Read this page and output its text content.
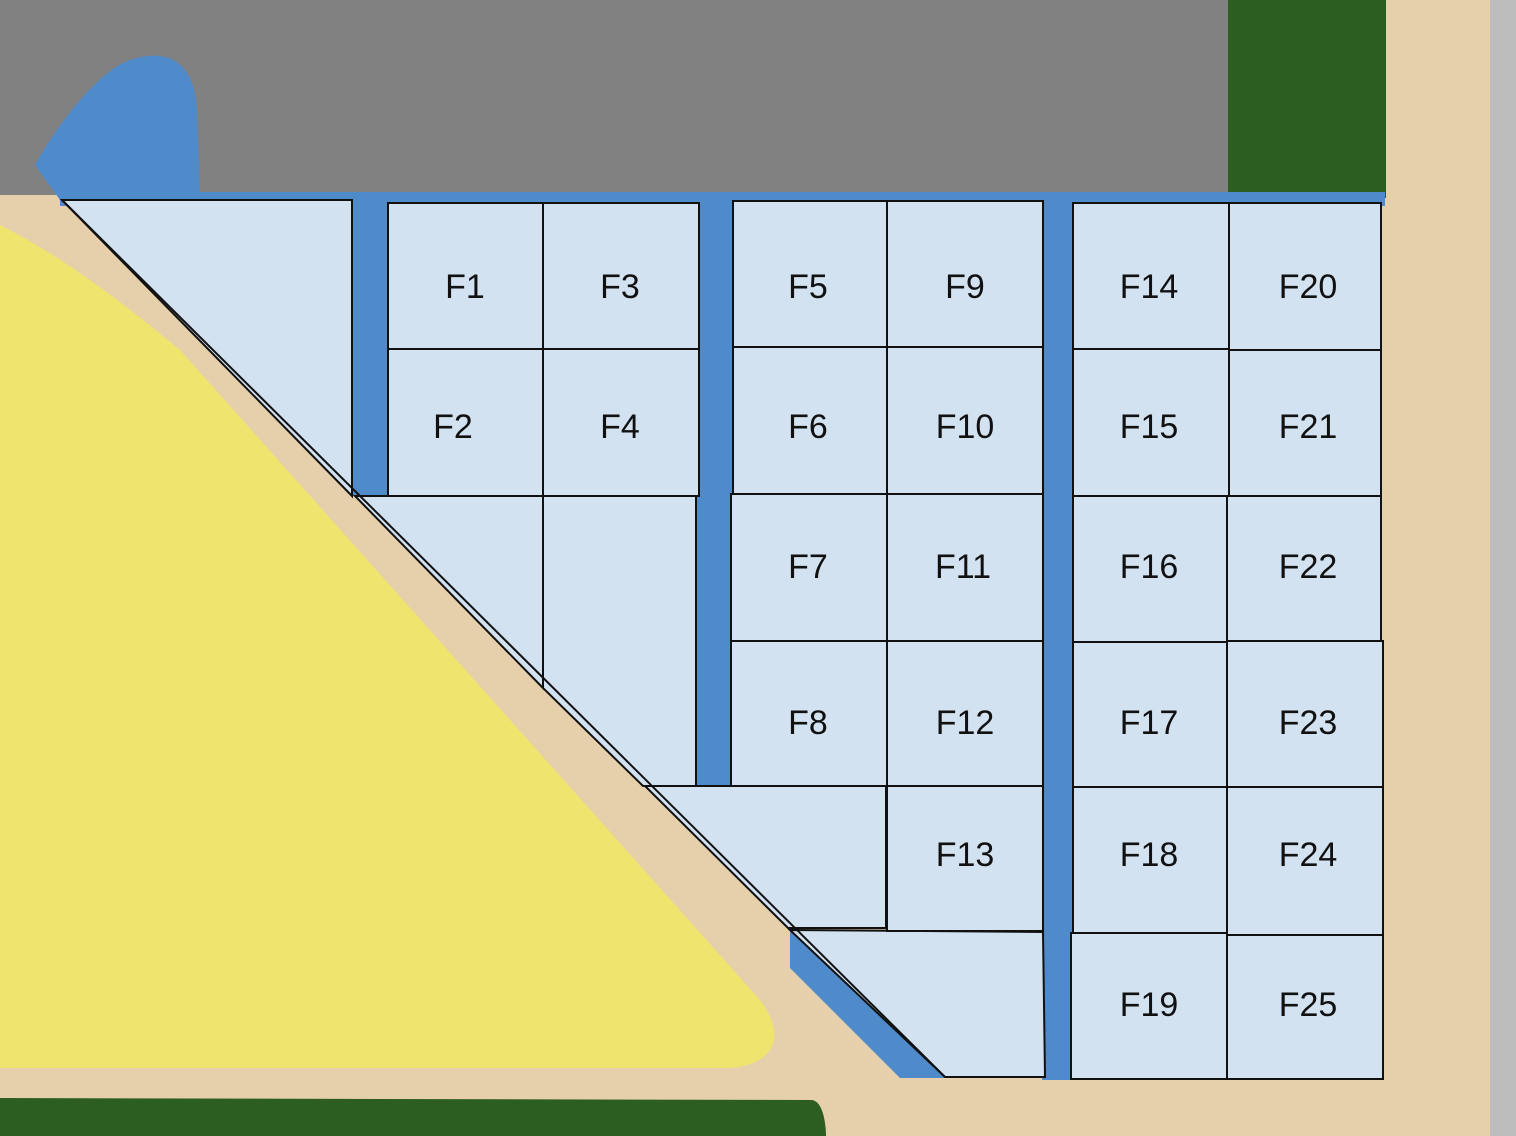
F1
F2
F3
F4
F5
F6
F7
F8
F9
F10
F11
F12
F13
F14
F15
F16
F17
F18
F19
F20
F21
F22
F23
F24
F25
